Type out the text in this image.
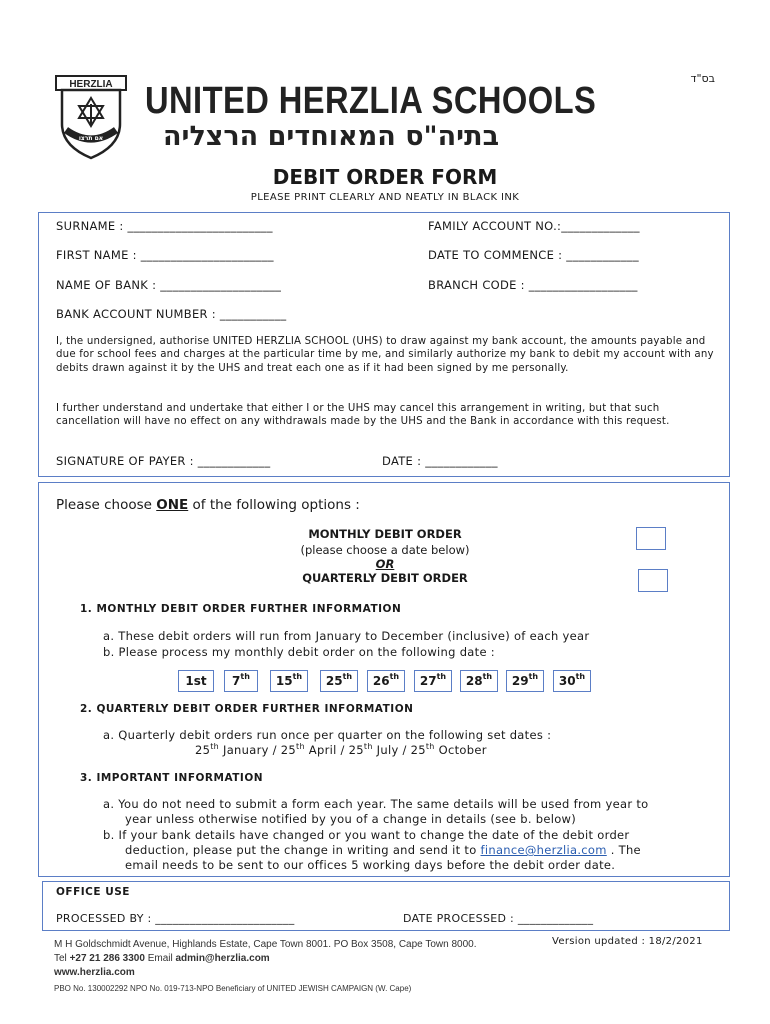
בס"ד
HERZLIA
אם תרצו
UNITED HERZLIA SCHOOLS
בתיה"ס המאוחדים הרצליה
DEBIT ORDER FORM
PLEASE PRINT CLEARLY AND NEATLY IN BLACK INK
SURNAME : ________________________	FAMILY ACCOUNT NO.:_____________
FIRST NAME : ______________________	DATE TO COMMENCE : ____________
NAME OF BANK : ____________________	BRANCH CODE : __________________
BANK ACCOUNT NUMBER : ___________
I, the undersigned, authorise UNITED HERZLIA SCHOOL (UHS) to draw against my bank account, the amounts payable and due for school fees and charges at the particular time by me, and similarly authorize my bank to debit my account with any debits drawn against it by the UHS and treat each one as if it had been signed by me personally.
I further understand and undertake that either I or the UHS may cancel this arrangement in writing, but that such cancellation will have no effect on any withdrawals made by the UHS and the Bank in accordance with this request.
SIGNATURE OF PAYER : ____________	DATE : ____________
Please choose ONE of the following options :
MONTHLY DEBIT ORDER
(please choose a date below)
OR
QUARTERLY DEBIT ORDER
1. MONTHLY DEBIT ORDER FURTHER INFORMATION
a. These debit orders will run from January to December (inclusive) of each year
b. Please process my monthly debit order on the following date :
1st	7th	15th	25th	26th	27th	28th	29th	30th
2. QUARTERLY DEBIT ORDER FURTHER INFORMATION
a. Quarterly debit orders run once per quarter on the following set dates :
25th January / 25th April / 25th July / 25th October
3. IMPORTANT INFORMATION
a. You do not need to submit a form each year. The same details will be used from year to
year unless otherwise notified by you of a change in details (see b. below)
b. If your bank details have changed or you want to change the date of the debit order
deduction, please put the change in writing and send it to finance@herzlia.com . The
email needs to be sent to our offices 5 working days before the debit order date.
OFFICE USE
PROCESSED BY : ________________________	DATE PROCESSED : _____________
M H Goldschmidt Avenue, Highlands Estate, Cape Town 8001. PO Box 3508, Cape Town 8000.
Tel +27 21 286 3300 Email admin@herzlia.com
www.herzlia.com
PBO No. 130002292 NPO No. 019-713-NPO Beneficiary of UNITED JEWISH CAMPAIGN (W. Cape)
Version updated : 18/2/2021
